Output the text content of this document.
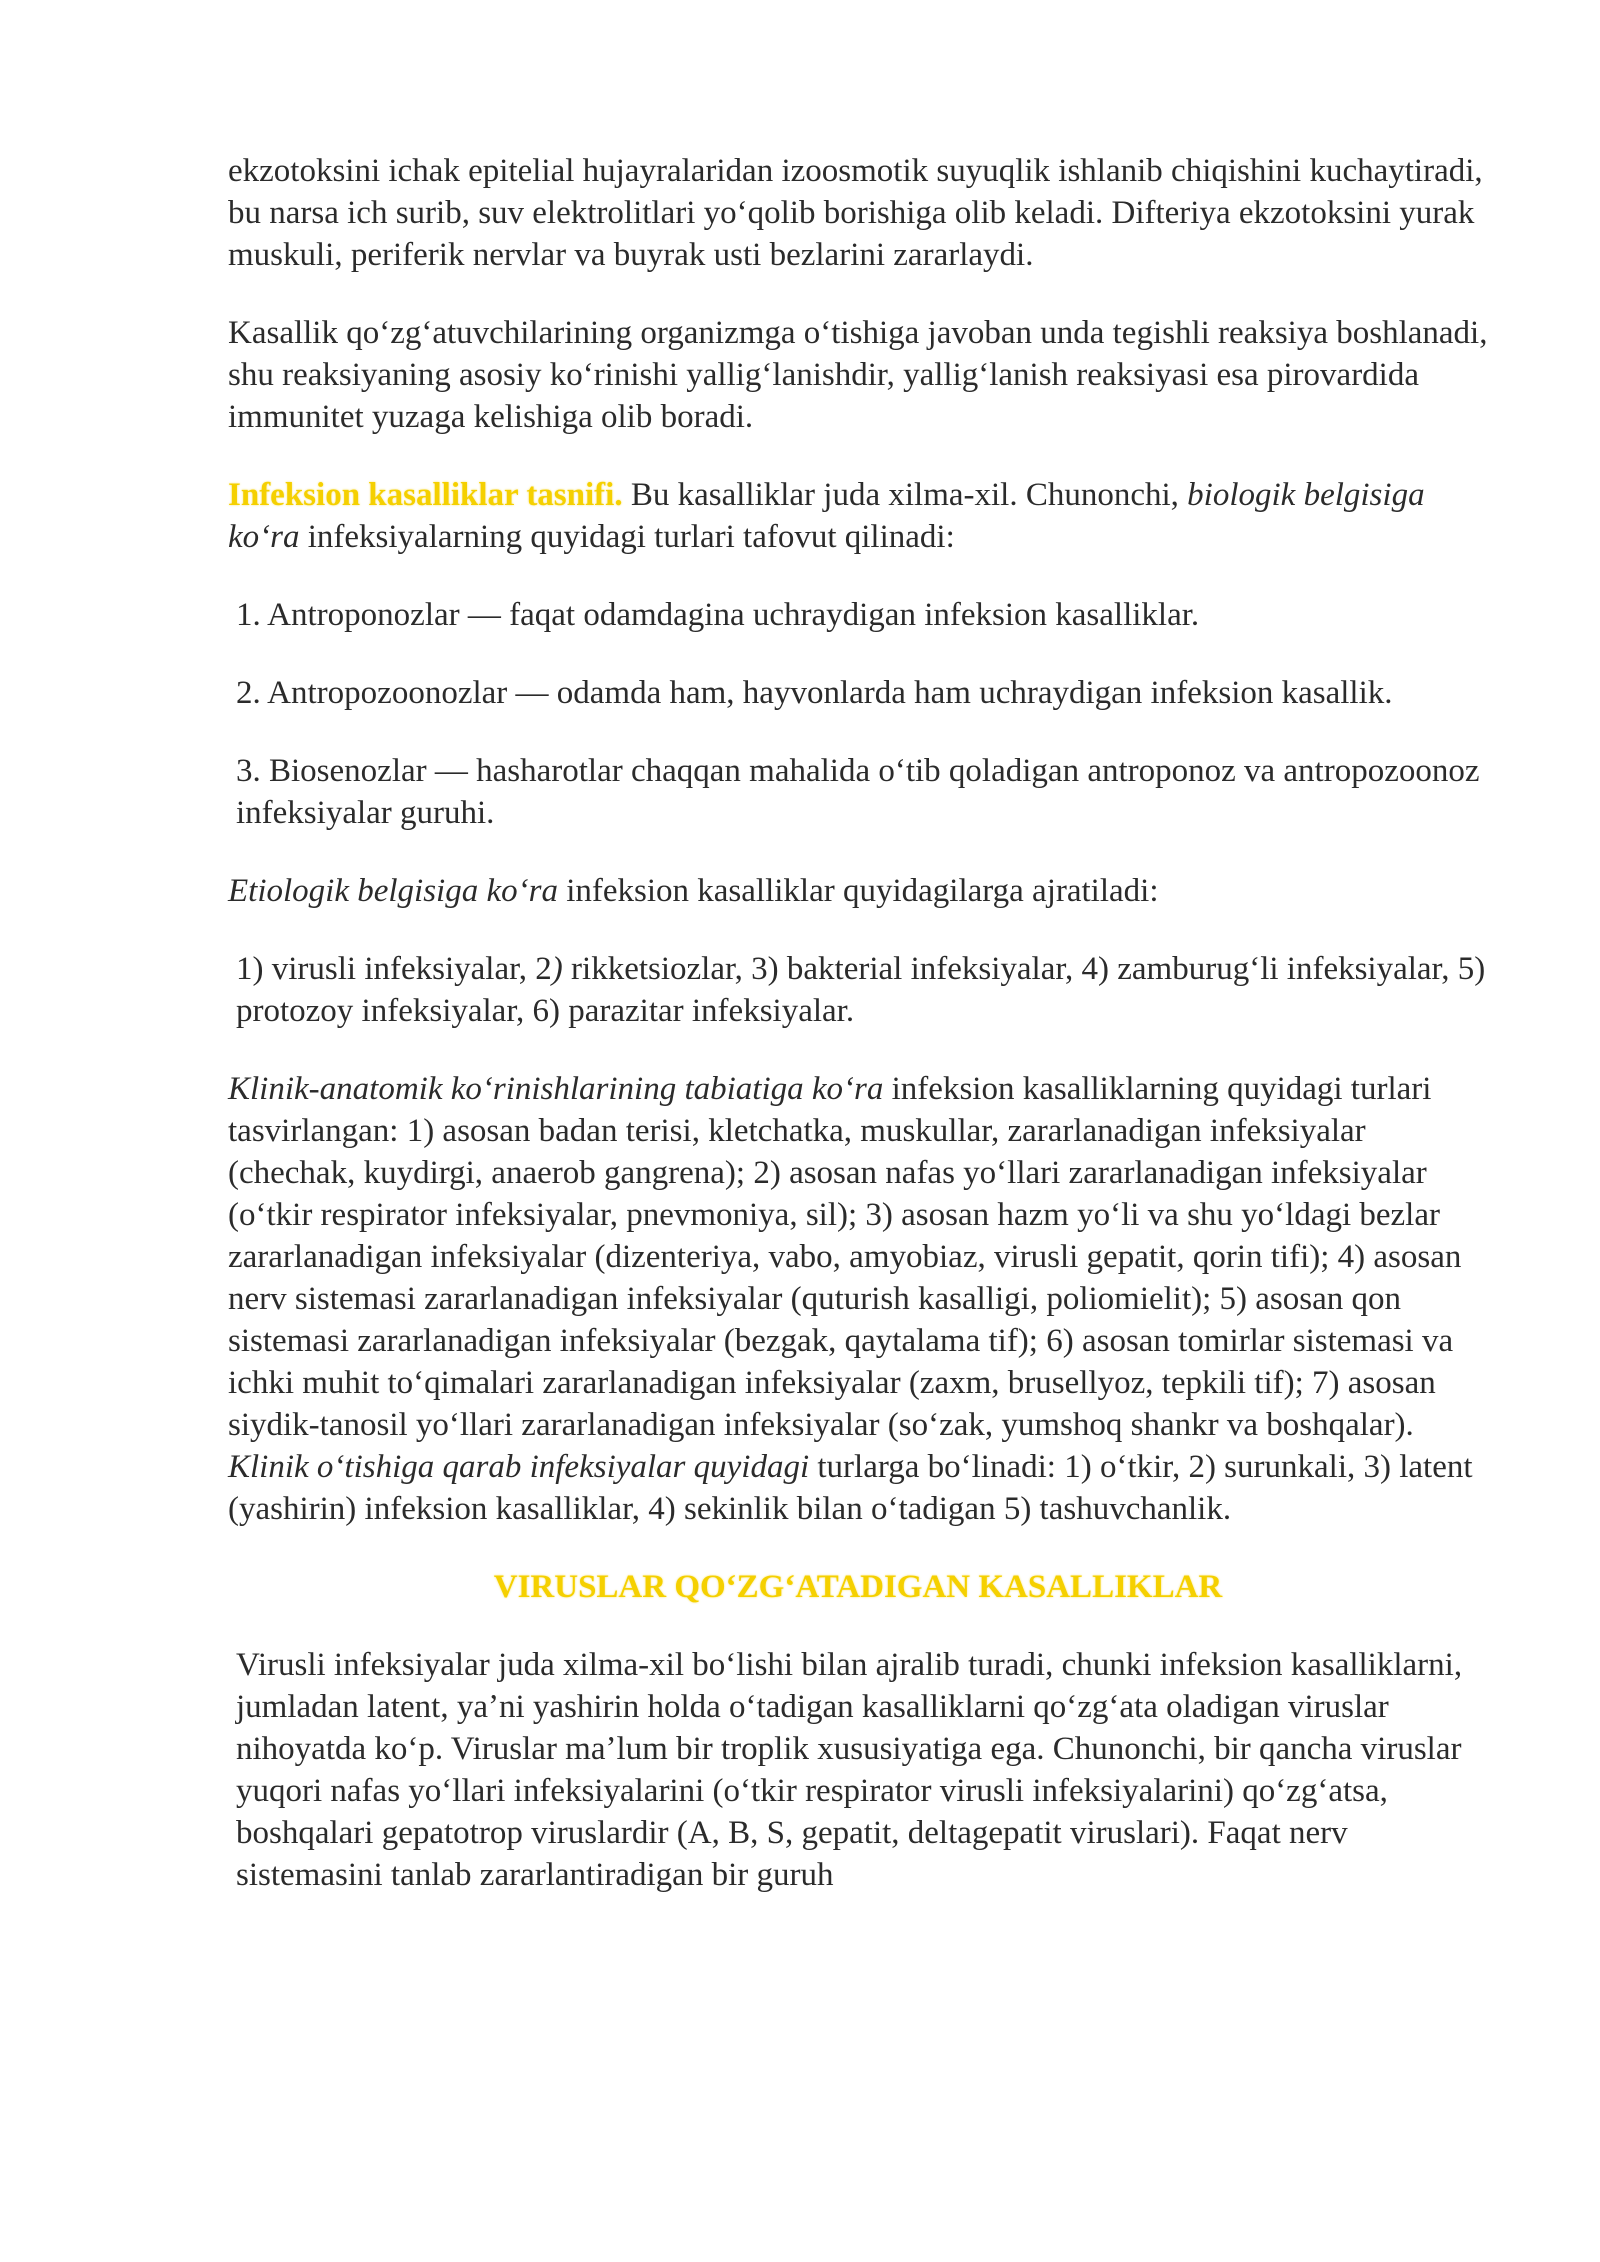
ekzotoksini ichak epitelial hujayralaridan izoosmotik suyuqlik ishlanib chiqishini kuchaytiradi, bu narsa ich surib, suv elektrolitlari yoʻqolib borishiga olib keladi. Difteriya ekzotoksini yurak muskuli, periferik nervlar va buyrak usti bezlarini zararlaydi.

Kasallik qoʻzgʻatuvchilarining organizmga oʻtishiga javoban unda tegishli reaksiya boshlanadi, shu reaksiyaning asosiy koʻrinishi yalligʻlanishdir, yalligʻlanish reaksiyasi esa pirovardida immunitet yuzaga kelishiga olib boradi.

Infeksion kasalliklar tasnifi. Bu kasalliklar juda xilma-xil. Chunonchi, biologik belgisiga koʻra infeksiyalarning quyidagi turlari tafovut qilinadi:

1. Antroponozlar — faqat odamdagina uchraydigan infeksion kasalliklar.

2. Antropozoonozlar — odamda ham, hayvonlarda ham uchraydigan infeksion kasallik.

3. Biosenozlar — hasharotlar chaqqan mahalida oʻtib qoladigan antroponoz va antropozoonoz infeksiyalar guruhi.

Etiologik belgisiga koʻra infeksion kasalliklar quyidagilarga ajratiladi:

1) virusli infeksiyalar, 2) rikketsiozlar, 3) bakterial infeksiyalar, 4) zamburugʻli infeksiyalar, 5) protozoy infeksiyalar, 6) parazitar infeksiyalar.

Klinik-anatomik koʻrinishlarining tabiatiga koʻra infeksion kasalliklarning quyidagi turlari tasvirlangan: 1) asosan badan terisi, kletchatka, muskullar, zararlanadigan infeksiyalar (chechak, kuydirgi, anaerob gangrena); 2) asosan nafas yoʻllari zararlanadigan infeksiyalar (oʻtkir respirator infeksiyalar, pnevmoniya, sil); 3) asosan hazm yoʻli va shu yoʻldagi bezlar zararlanadigan infeksiyalar (dizenteriya, vabo, amyobiaz, virusli gepatit, qorin tifi); 4) asosan nerv sistemasi zararlanadigan infeksiyalar (quturish kasalligi, poliomielit); 5) asosan qon sistemasi zararlanadigan infeksiyalar (bezgak, qaytalama tif); 6) asosan tomirlar sistemasi va ichki muhit toʻqimalari zararlanadigan infeksiyalar (zaxm, brusellyoz, tepkili tif); 7) asosan siydik-tanosil yoʻllari zararlanadigan infeksiyalar (soʻzak, yumshoq shankr va boshqalar). Klinik oʻtishiga qarab infeksiyalar quyidagi turlarga boʻlinadi: 1) oʻtkir, 2) surunkali, 3) latent (yashirin) infeksion kasalliklar, 4) sekinlik bilan oʻtadigan 5) tashuvchanlik.

VIRUSLAR QOʻZGʻATADIGAN KASALLIKLAR

Virusli infeksiyalar juda xilma-xil boʻlishi bilan ajralib turadi, chunki infeksion kasalliklarni, jumladan latent, yaʼni yashirin holda oʻtadigan kasalliklarni qoʻzgʻata oladigan viruslar nihoyatda koʻp. Viruslar maʼlum bir troplik xususiyatiga ega. Chunonchi, bir qancha viruslar yuqori nafas yoʻllari infeksiyalarini (oʻtkir respirator virusli infeksiyalarini) qoʻzgʻatsa, boshqalari gepatotrop viruslardir (A, B, S, gepatit, deltagepatit viruslari). Faqat nerv sistemasini tanlab zararlantiradigan bir guruh
